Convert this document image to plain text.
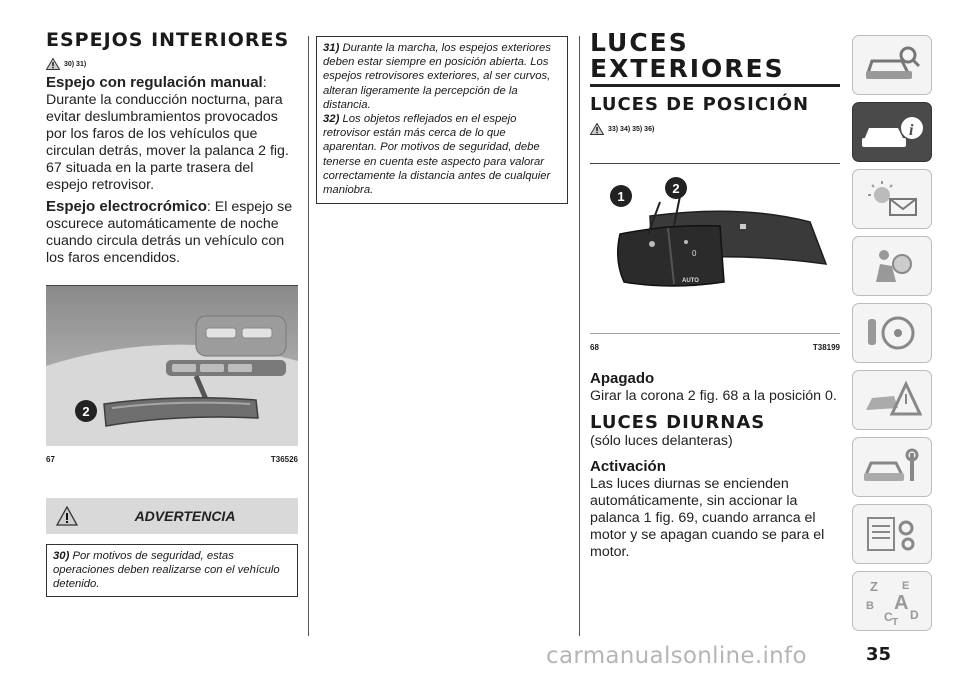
ESPEJOS INTERIORES
30) 31)
Espejo con regulación manual: Durante la conducción nocturna, para evitar deslumbramientos provocados por los faros de los vehículos que circulan detrás, mover la palanca 2 fig. 67 situada en la parte trasera del espejo retrovisor.
Espejo electrocrómico: El espejo se oscurece automáticamente de noche cuando circula detrás un vehículo con los faros encendidos.
2
67	T36526
ADVERTENCIA
30) Por motivos de seguridad, estas operaciones deben realizarse con el vehículo detenido.
31) Durante la marcha, los espejos exteriores deben estar siempre en posición abierta. Los espejos retrovisores exteriores, al ser curvos, alteran ligeramente la percepción de la distancia.
32) Los objetos reflejados en el espejo retrovisor están más cerca de lo que aparentan. Por motivos de seguridad, debe tenerse en cuenta este aspecto para valorar correctamente la distancia antes de cualquier maniobra.
LUCES EXTERIORES
LUCES DE POSICIÓN
33) 34) 35) 36)
0
AUTO
1
2
68	T38199
Apagado
Girar la corona 2 fig. 68 a la posición 0.
LUCES DIURNAS
(sólo luces delanteras)
Activación
Las luces diurnas se encienden automáticamente, sin accionar la palanca 1 fig. 69, cuando arranca el motor y se apagan cuando se para el motor.
i
Z E
B A
C D
T
carmanualsonline.info	35
